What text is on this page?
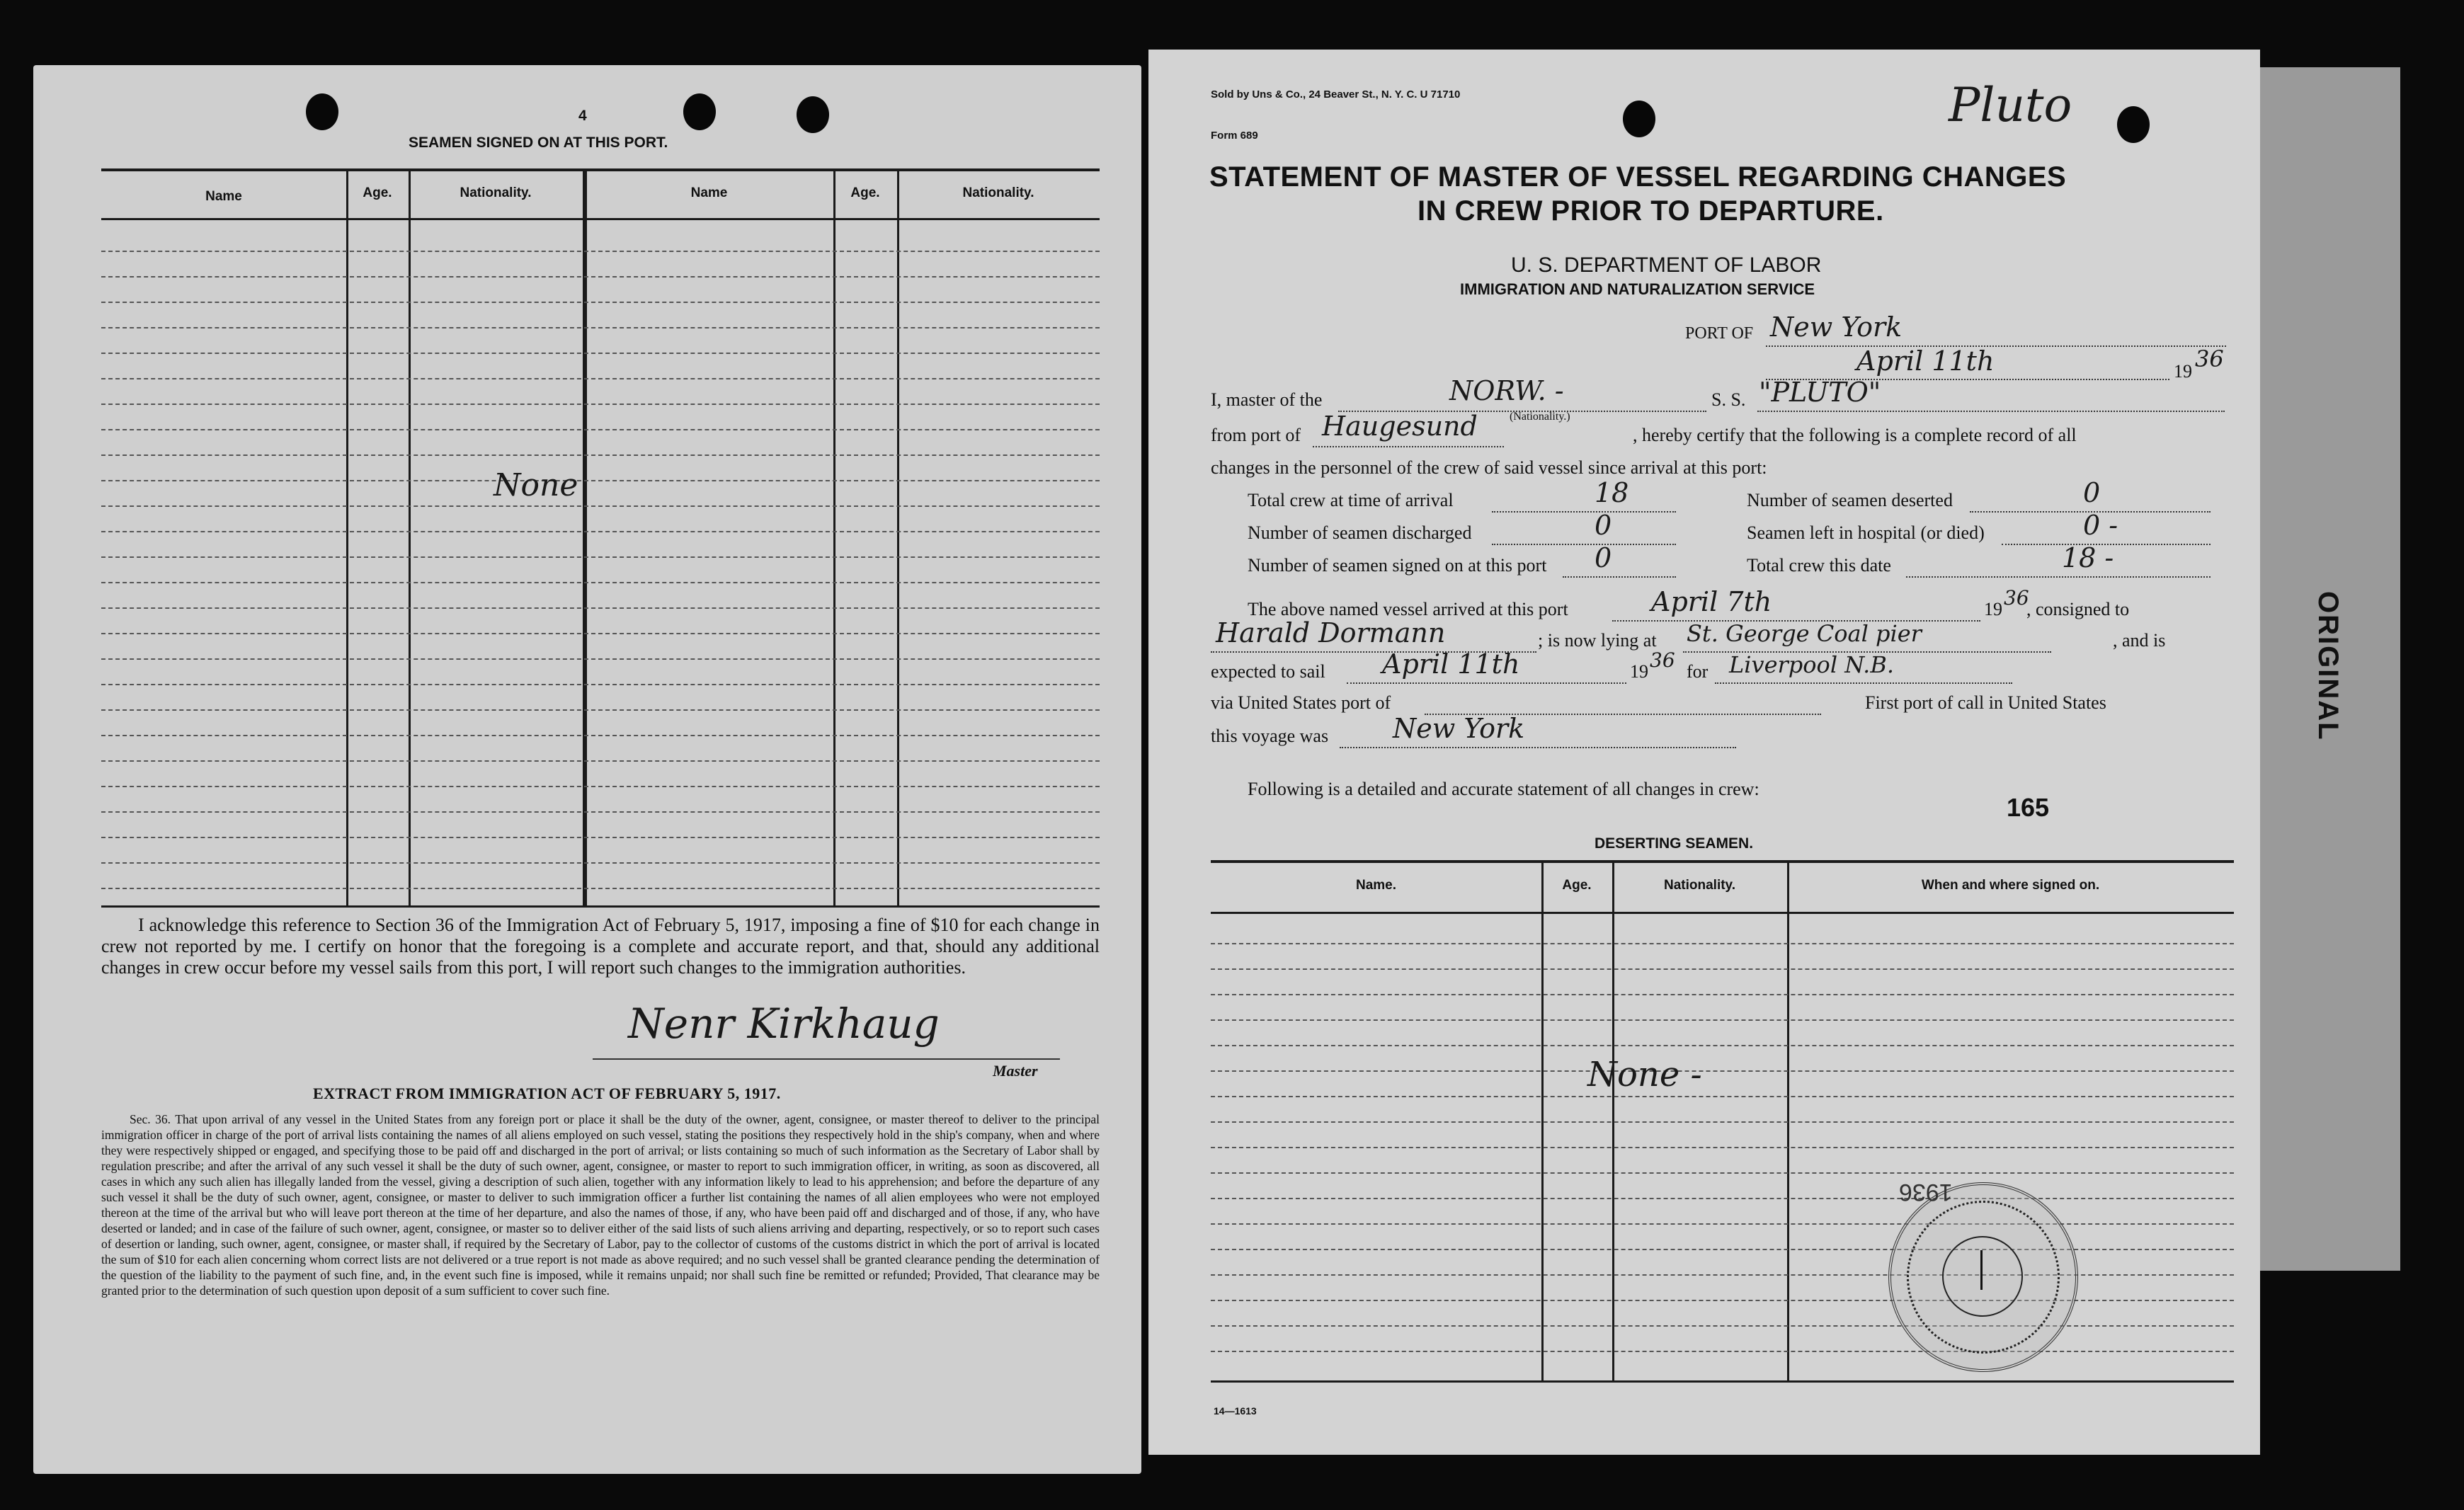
ORIGINAL
4
SEAMEN SIGNED ON AT THIS PORT.
Name	Age.	Nationality.	Name	Age.	Nationality.
None
I acknowledge this reference to Section 36 of the Immigration Act of February 5, 1917, imposing a fine of $10 for each change in crew not reported by me. I certify on honor that the foregoing is a complete and accurate report, and that, should any additional changes in crew occur before my vessel sails from this port, I will report such changes to the immigration authorities.
Nenr Kirkhaug
Master
EXTRACT FROM IMMIGRATION ACT OF FEBRUARY 5, 1917.
Sec. 36. That upon arrival of any vessel in the United States from any foreign port or place it shall be the duty of the owner, agent, consignee, or master thereof to deliver to the principal immigration officer in charge of the port of arrival lists containing the names of all aliens employed on such vessel, stating the positions they respectively hold in the ship's company, when and where they were respectively shipped or engaged, and specifying those to be paid off and discharged in the port of arrival; or lists containing so much of such information as the Secretary of Labor shall by regulation prescribe; and after the arrival of any such vessel it shall be the duty of such owner, agent, consignee, or master to report to such immigration officer, in writing, as soon as discovered, all cases in which any such alien has illegally landed from the vessel, giving a description of such alien, together with any information likely to lead to his apprehension; and before the departure of any such vessel it shall be the duty of such owner, agent, consignee, or master to deliver to such immigration officer a further list containing the names of all alien employees who were not employed thereon at the time of the arrival but who will leave port thereon at the time of her departure, and also the names of those, if any, who have been paid off and discharged and of those, if any, who have deserted or landed; and in case of the failure of such owner, agent, consignee, or master so to deliver either of the said lists of such aliens arriving and departing, respectively, or so to report such cases of desertion or landing, such owner, agent, consignee, or master shall, if required by the Secretary of Labor, pay to the collector of customs of the customs district in which the port of arrival is located the sum of $10 for each alien concerning whom correct lists are not delivered or a true report is not made as above required; and no such vessel shall be granted clearance pending the determination of the question of the liability to the payment of such fine, and, in the event such fine is imposed, while it remains unpaid; nor shall such fine be remitted or refunded; Provided, That clearance may be granted prior to the determination of such question upon deposit of a sum sufficient to cover such fine.
Sold by Uns & Co., 24 Beaver St., N. Y. C. U 71710
Form 689
Pluto
STATEMENT OF MASTER OF VESSEL REGARDING CHANGES
IN CREW PRIOR TO DEPARTURE.
U. S. DEPARTMENT OF LABOR
IMMIGRATION AND NATURALIZATION SERVICE
PORT OF New York
April 11th	19 36
I, master of the	NORW. -
(Nationality.)
S. S. "PLUTO"
from port of Haugesund	, hereby certify that the following is a complete record of all
changes in the personnel of the crew of said vessel since arrival at this port:
Total crew at time of arrival	18	Number of seamen deserted	0
Number of seamen discharged	0	Seamen left in hospital (or died)	0 -
Number of seamen signed on at this port 0	Total crew this date	18 -
The above named vessel arrived at this port	April 7th	19 36
, consigned to
Harald Dormann	; is now lying at St. George Coal pier	, and is
expected to sail April 11th	19 36 for Liverpool N.B.
via United States port of	First port of call in United States
this voyage was New York
Following is a detailed and accurate statement of all changes in crew:
165
DESERTING SEAMEN.
Name.	Age.	Nationality.	When and where signed on.
None -
1936
14—1613
